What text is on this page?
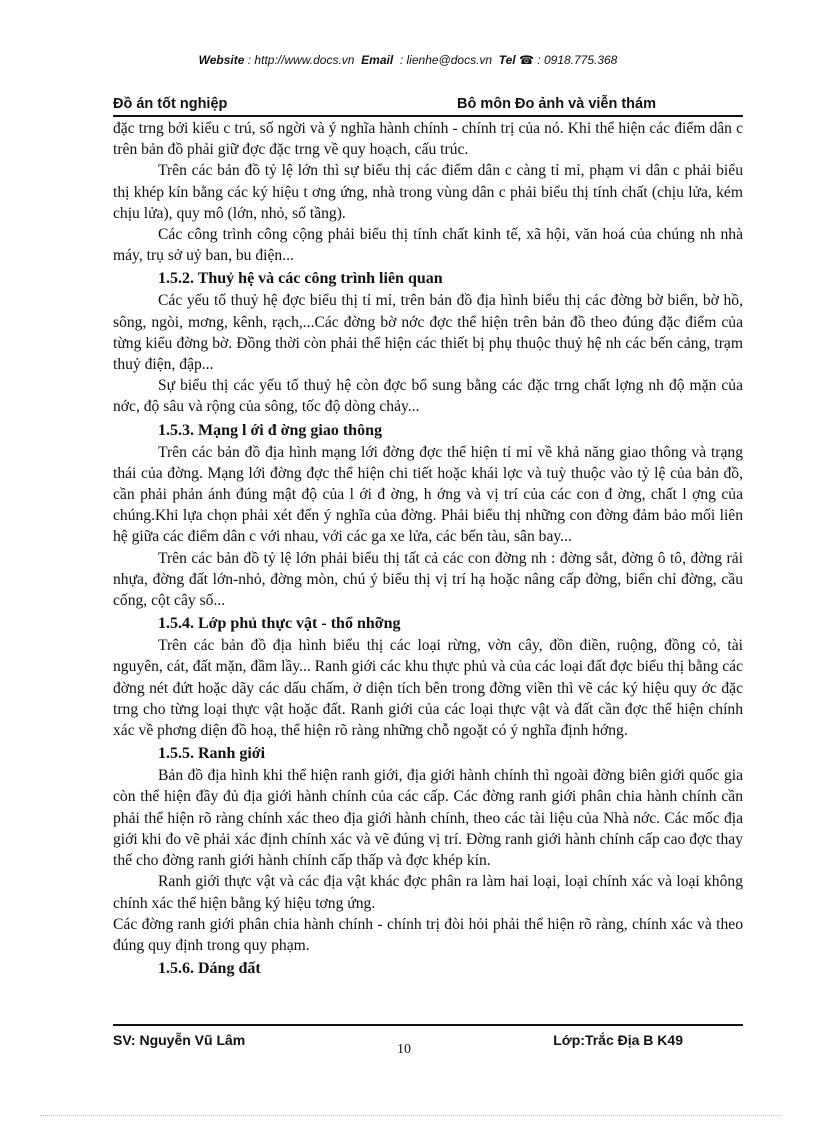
Website : http://www.docs.vn Email : lienhe@docs.vn Tel ☎ : 0918.775.368
Đồ án tốt nghiệp	Bô môn Đo ảnh và viễn thám

đặc trng bởi kiểu c trú, số ngời và ý nghĩa hành chính - chính trị của nó. Khi thể hiện các điểm dân c trên bản đồ phải giữ đợc đặc trng về quy hoạch, cấu trúc.

Trên các bản đồ tỷ lệ lớn thì sự biểu thị các điểm dân c càng tỉ mỉ, phạm vi dân c phải biểu thị khép kín bằng các ký hiệu t ơng ứng, nhà trong vùng dân c phải biểu thị tính chất (chịu lửa, kém chịu lửa), quy mô (lớn, nhỏ, số tầng).

Các công trình công cộng phải biểu thị tính chất kinh tế, xã hội, văn hoá của chúng nh nhà máy, trụ sở uỷ ban, bu điện...

1.5.2. Thuỷ hệ và các công trình liên quan

Các yếu tố thuỷ hệ đợc biểu thị tỉ mỉ, trên bản đồ địa hình biểu thị các đờng bờ biển, bờ hồ, sông, ngòi, mơng, kênh, rạch,...Các đờng bờ nớc đợc thể hiện trên bản đồ theo đúng đặc điểm của từng kiểu đờng bờ. Đồng thời còn phải thể hiện các thiết bị phụ thuộc thuỷ hệ nh các bến cảng, trạm thuỷ điện, đập...

Sự biểu thị các yếu tố thuỷ hệ còn đợc bổ sung bằng các đặc trng chất lợng nh độ mặn của nớc, độ sâu và rộng của sông, tốc độ dòng chảy...

1.5.3. Mạng l ới đ ờng giao thông

Trên các bản đồ địa hình mạng lới đờng đợc thể hiện tỉ mỉ về khả năng giao thông và trạng thái của đờng. Mạng lới đờng đợc thể hiện chi tiết hoặc khái lợc và tuỳ thuộc vào tỷ lệ của bản đồ, cần phải phản ánh đúng mật độ của l ới đ ờng, h ớng và vị trí của các con đ ờng, chất l ợng của chúng.Khi lựa chọn phải xét đến ý nghĩa của đờng. Phải biểu thị những con đờng đảm bảo mối liên hệ giữa các điểm dân c với nhau, với các ga xe lửa, các bến tàu, sân bay...

Trên các bản đồ tỷ lệ lớn phải biểu thị tất cả các con đờng nh : đờng sắt, đờng ô tô, đờng rải nhựa, đờng đất lớn-nhỏ, đờng mòn, chú ý biểu thị vị trí hạ hoặc nâng cấp đờng, biển chỉ đờng, cầu cống, cột cây số...

1.5.4. Lớp phủ thực vật - thổ nhỡng

Trên các bản đồ địa hình biểu thị các loại rừng, vờn cây, đồn điền, ruộng, đồng cỏ, tài nguyên, cát, đất mặn, đầm lầy... Ranh giới các khu thực phủ và của các loại đất đợc biểu thị bằng các đờng nét đứt hoặc dãy các dấu chấm, ở diện tích bên trong đờng viền thì vẽ các ký hiệu quy ớc đặc trng cho từng loại thực vật hoặc đất. Ranh giới của các loại thực vật và đất cần đợc thể hiện chính xác về phơng diện đồ hoạ, thể hiện rõ ràng những chỗ ngoặt có ý nghĩa định hớng.

1.5.5. Ranh giới

Bản đồ địa hình khi thể hiện ranh giới, địa giới hành chính thì ngoài đờng biên giới quốc gia còn thể hiện đầy đủ địa giới hành chính của các cấp. Các đờng ranh giới phân chia hành chính cần phải thể hiện rõ ràng chính xác theo địa giới hành chính, theo các tài liệu của Nhà nớc. Các mốc địa giới khi đo vẽ phải xác định chính xác và vẽ đúng vị trí. Đờng ranh giới hành chính cấp cao đợc thay thế cho đờng ranh giới hành chính cấp thấp và đợc khép kín.

Ranh giới thực vật và các địa vật khác đợc phân ra làm hai loại, loại chính xác và loại không chính xác thể hiện bằng ký hiệu tơng ứng.

Các đờng ranh giới phân chia hành chính - chính trị đòi hỏi phải thể hiện rõ ràng, chính xác và theo đúng quy định trong quy phạm.

1.5.6. Dáng đất
SV: Nguyễn Vũ Lâm
10
Lớp:Trắc Địa B K49
